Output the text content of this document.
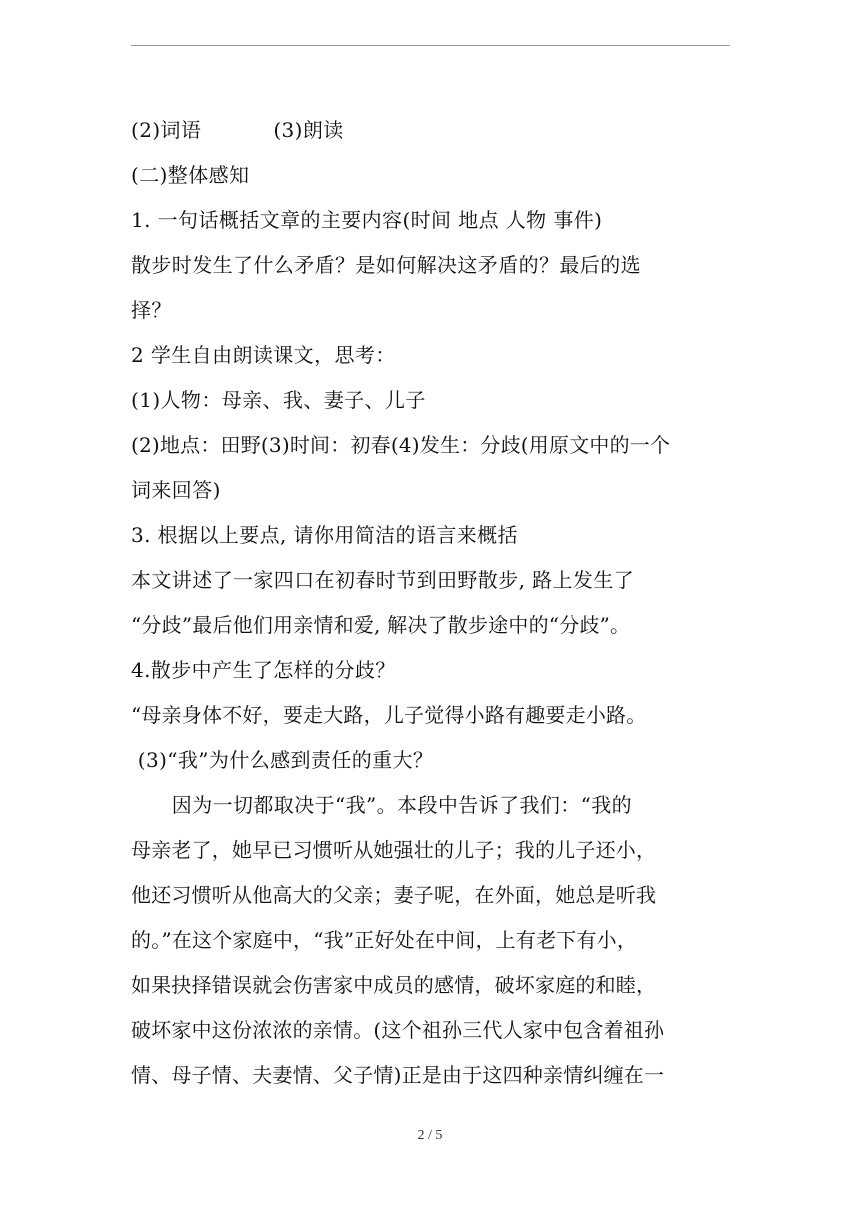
(2)词语	(3)朗读
(二)整体感知
1. 一句话概括文章的主要内容(时间 地点 人物 事件)
散步时发生了什么矛盾？是如何解决这矛盾的？最后的选
择？
2 学生自由朗读课文，思考：
(1)人物：母亲、我、妻子、儿子
(2)地点：田野(3)时间：初春(4)发生：分歧(用原文中的一个
词来回答)
3. 根据以上要点, 请你用简洁的语言来概括
本文讲述了一家四口在初春时节到田野散步, 路上发生了
“分歧”最后他们用亲情和爱, 解决了散步途中的“分歧”。
4.散步中产生了怎样的分歧？
“母亲身体不好，要走大路，儿子觉得小路有趣要走小路。
(3)“我”为什么感到责任的重大？
　　因为一切都取决于“我”。本段中告诉了我们：“我的
母亲老了，她早已习惯听从她强壮的儿子；我的儿子还小，
他还习惯听从他高大的父亲；妻子呢，在外面，她总是听我
的。”在这个家庭中，“我”正好处在中间，上有老下有小，
如果抉择错误就会伤害家中成员的感情，破坏家庭的和睦，
破坏家中这份浓浓的亲情。(这个祖孙三代人家中包含着祖孙
情、母子情、夫妻情、父子情)正是由于这四种亲情纠缠在一
2 / 5
